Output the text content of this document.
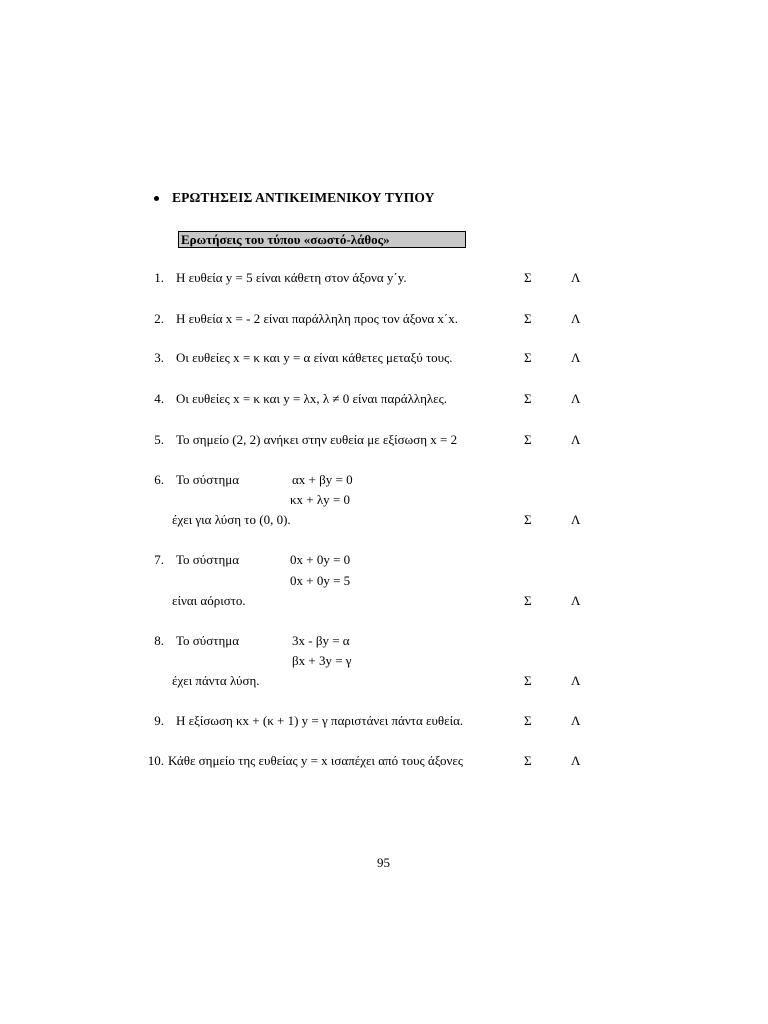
ΕΡΩΤΗΣΕΙΣ ΑΝΤΙΚΕΙΜΕΝΙΚΟΥ ΤΥΠΟΥ
Ερωτήσεις του τύπου «σωστό-λάθος»
1. Η ευθεία y = 5 είναι κάθετη στον άξονα y΄y.	Σ	Λ
2. Η ευθεία x = - 2 είναι παράλληλη προς τον άξονα x΄x.	Σ	Λ
3. Οι ευθείες x = κ και y = α είναι κάθετες μεταξύ τους.	Σ	Λ
4. Οι ευθείες x = κ και y = λx, λ ≠ 0 είναι παράλληλες.	Σ	Λ
5. Το σημείο (2, 2) ανήκει στην ευθεία με εξίσωση x = 2	Σ	Λ
6. Το σύστημα	αx + βy = 0
κx + λy = 0
έχει για λύση το (0, 0).	Σ	Λ
7. Το σύστημα	0x + 0y = 0
0x + 0y = 5
είναι αόριστο.	Σ	Λ
8. Το σύστημα	3x - βy = α
βx + 3y = γ
έχει πάντα λύση.	Σ	Λ
9. Η εξίσωση κx + (κ + 1) y = γ παριστάνει πάντα ευθεία.	Σ	Λ
10. Κάθε σημείο της ευθείας y = x ισαπέχει από τους άξονες	Σ	Λ
95
